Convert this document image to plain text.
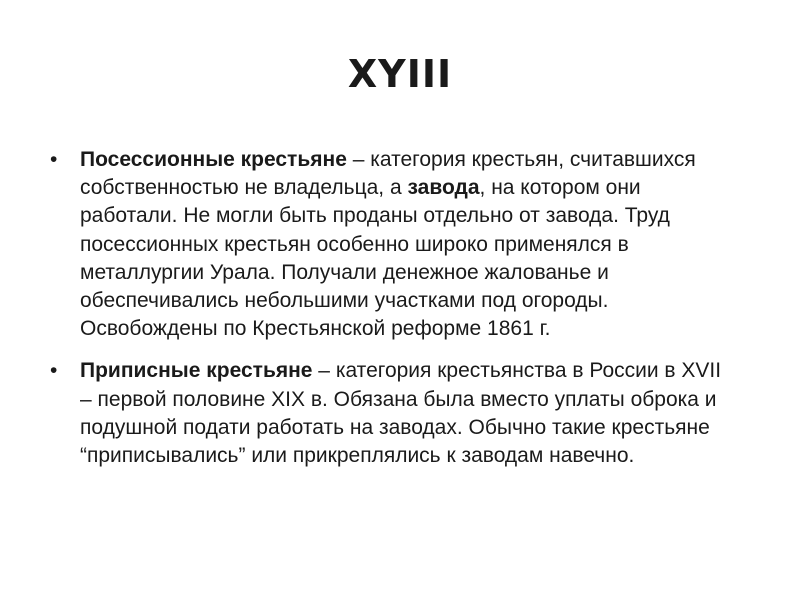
XYIII
• Посессионные крестьяне – категория крестьян, считавшихся собственностью не владельца, а завода, на котором они работали. Не могли быть проданы отдельно от завода. Труд посессионных крестьян особенно широко применялся в металлургии Урала. Получали денежное жалованье и обеспечивались небольшими участками под огороды. Освобождены по Крестьянской реформе 1861 г.
• Приписные крестьяне – категория крестьянства в России в XVII – первой половине XIX в. Обязана была вместо уплаты оброка и подушной подати работать на заводах. Обычно такие крестьяне “приписывались” или прикреплялись к заводам навечно.
